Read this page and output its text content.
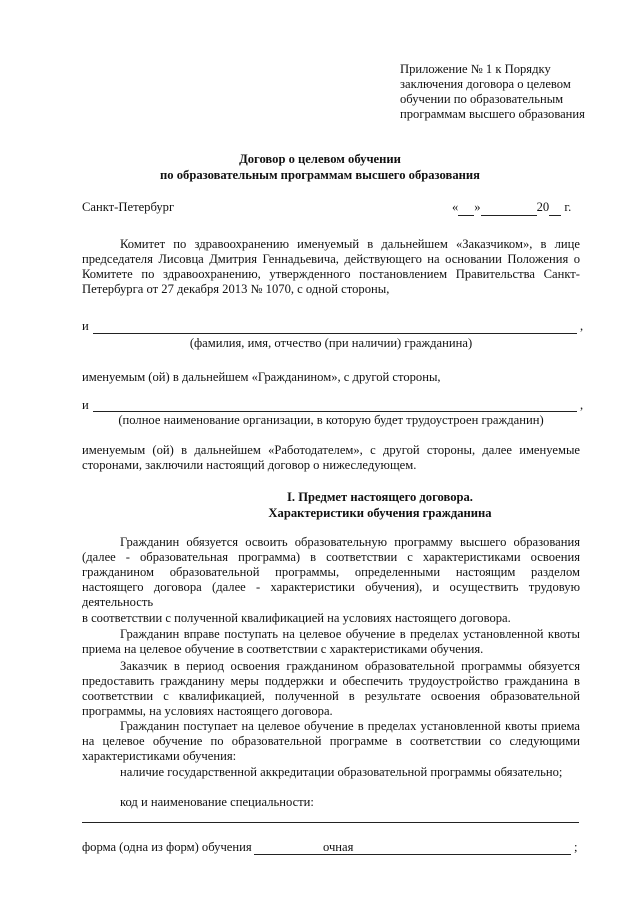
Приложение № 1 к Порядку
заключения договора о целевом
обучении по образовательным
программам высшего образования
Договор о целевом обучении
по образовательным программам высшего образования
Санкт-Петербург	« »	20 г.
Комитет по здравоохранению именуемый в дальнейшем «Заказчиком», в лице председателя Лисовца Дмитрия Геннадьевича, действующего на основании Положения о Комитете по здравоохранению, утвержденного постановлением Правительства Санкт-Петербурга от 27 декабря 2013 № 1070, с одной стороны,
и	,
(фамилия, имя, отчество (при наличии) гражданина)
именуемым (ой) в дальнейшем «Гражданином», с другой стороны,
и	,
(полное наименование организации, в которую будет трудоустроен гражданин)
именуемым (ой) в дальнейшем «Работодателем», с другой стороны, далее именуемые сторонами, заключили настоящий договор о нижеследующем.
I. Предмет настоящего договора.
Характеристики обучения гражданина
Гражданин обязуется освоить образовательную программу высшего образования (далее - образовательная программа) в соответствии с характеристиками освоения гражданином образовательной программы, определенными настоящим разделом настоящего договора (далее - характеристики обучения), и осуществить трудовую деятельность
в соответствии с полученной квалификацией на условиях настоящего договора.
Гражданин вправе поступать на целевое обучение в пределах установленной квоты приема на целевое обучение в соответствии с характеристиками обучения.
Заказчик в период освоения гражданином образовательной программы обязуется предоставить гражданину меры поддержки и обеспечить трудоустройство гражданина в соответствии с квалификацией, полученной в результате освоения образовательной программы, на условиях настоящего договора.
Гражданин поступает на целевое обучение в пределах установленной квоты приема на целевое обучение по образовательной программе в соответствии со следующими характеристиками обучения:
наличие государственной аккредитации образовательной программы обязательно;
код и наименование специальности:
форма (одна из форм) обучения	очная	;
